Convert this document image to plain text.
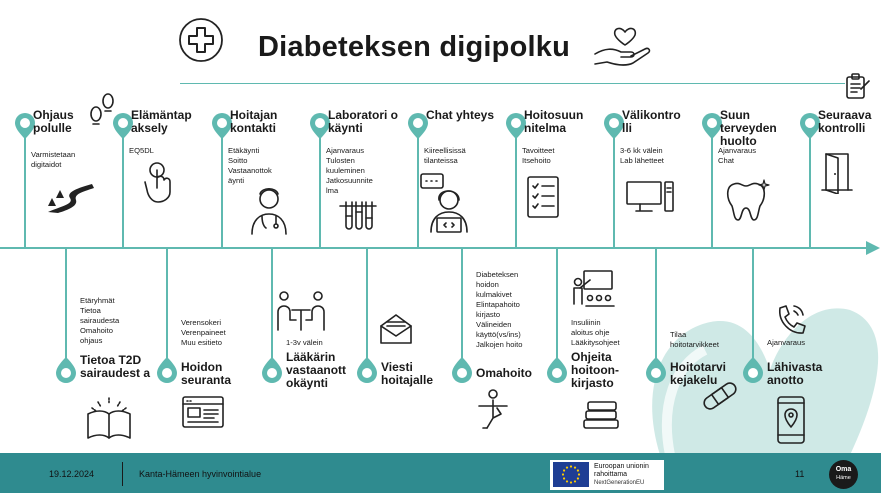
Diabeteksen digipolku
Ohjaus polulle
Varmistetaan
digitaidot
Elämäntap aksely
EQ5DL
Hoitajan kontakti
Etäkäynti
Soitto
Vastaanottok
äynti
Laboratori o käynti
Ajanvaraus
Tulosten
kuuleminen
Jatkosuunnite
lma
Chat yhteys
Kiireellisissä
tilanteissa
Hoitosuun nitelma
Tavoitteet
Itsehoito
Välikontro lli
3-6 kk välein
Lab lähetteet
Suun terveyden huolto
Ajanvaraus
Chat
Seuraava kontrolli
Tietoa T2D sairaudest a
Etäryhmät
Tietoa
sairaudesta
Omahoito
ohjaus
Hoidon seuranta
Verensokeri
Verenpaineet
Muu esitieto
Lääkärin vastaanott okäynti
1-3v välein
Viesti hoitajalle	Omahoito
Diabeteksen
hoidon
kulmakivet
Elintapahoito
kirjasto
Välineiden
käyttö(vs/ins)
Jalkojen hoito
Ohjeita hoitoon- kirjasto
Insuliinin
aloitus ohje
Lääkitysohjeet
Hoitotarvi kejakelu
Tilaa
hoitotarvikkeet
Lähivasta anotto
Ajanvaraus
19.12.2024	Kanta-Hämeen hyvinvointialue
Euroopan unionin
rahoittama
NextGenerationEU
11	Oma
Häme
